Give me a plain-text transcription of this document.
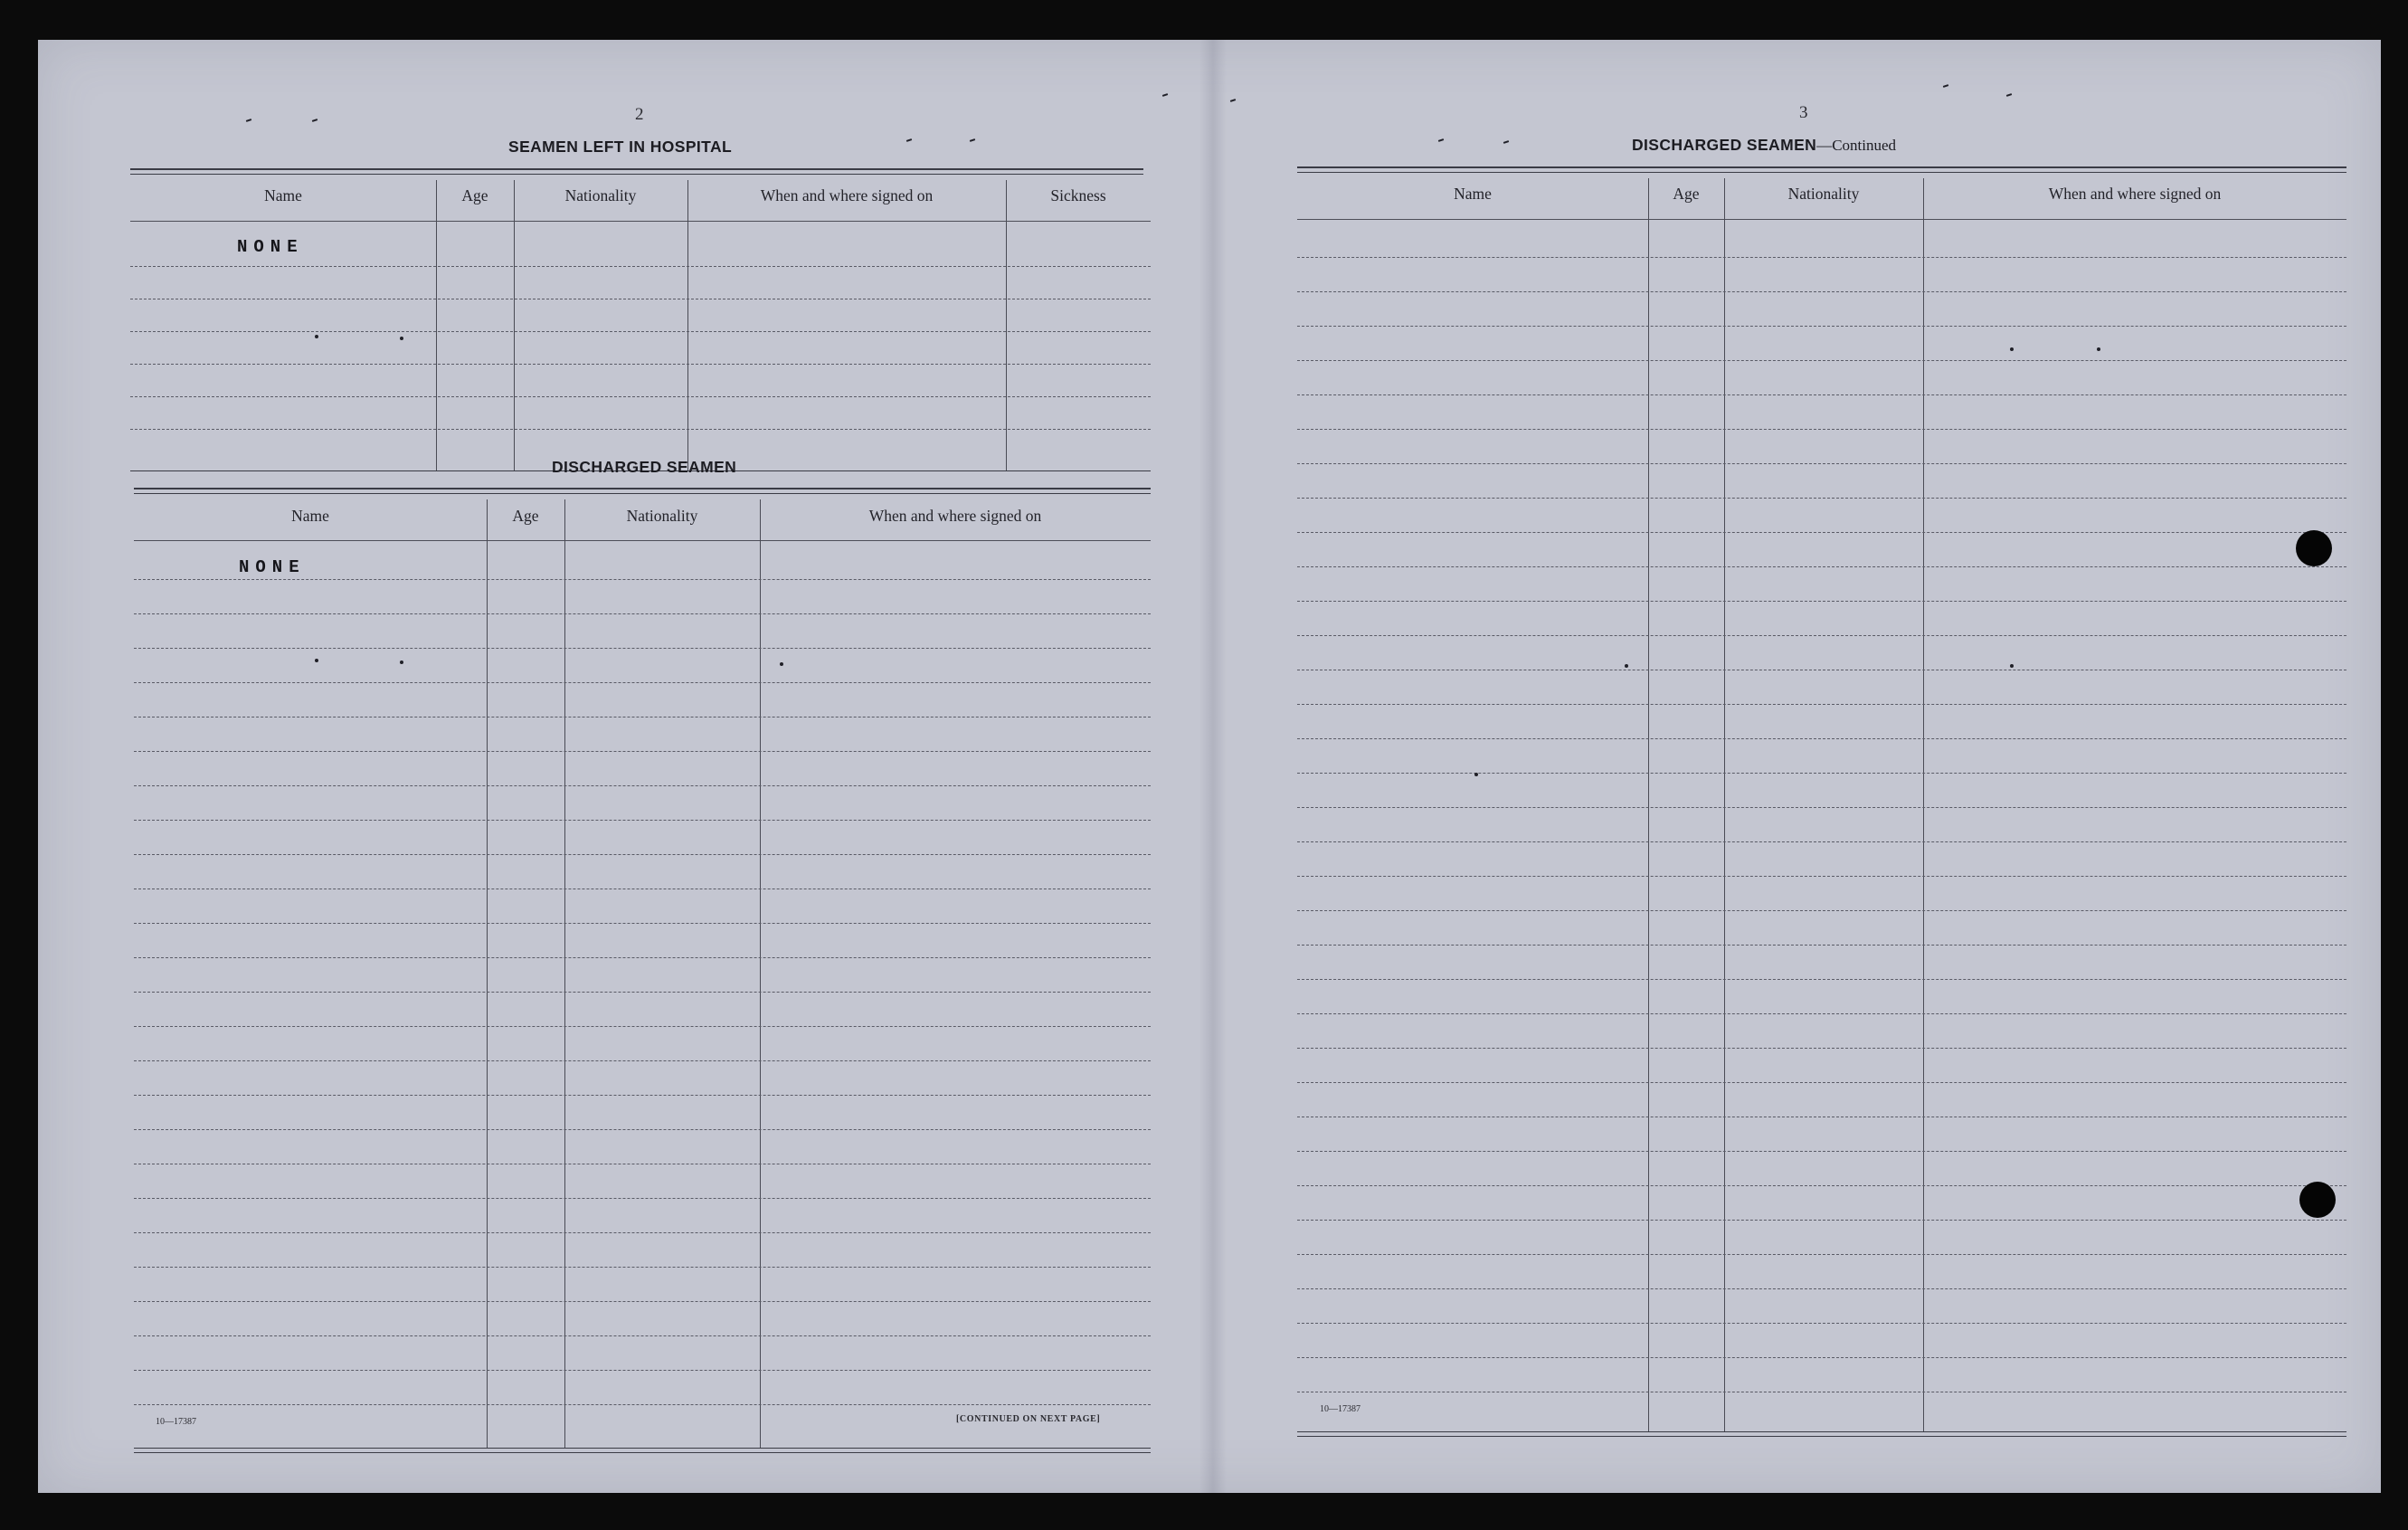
2
SEAMEN LEFT IN HOSPITAL
Name	Age	Nationality	When and where signed on	Sickness
NONE
DISCHARGED SEAMEN
Name	Age	Nationality	When and where signed on
NONE
10—17387	[CONTINUED ON NEXT PAGE]
3
DISCHARGED SEAMEN—Continued
Name	Age	Nationality	When and where signed on
10—17387
